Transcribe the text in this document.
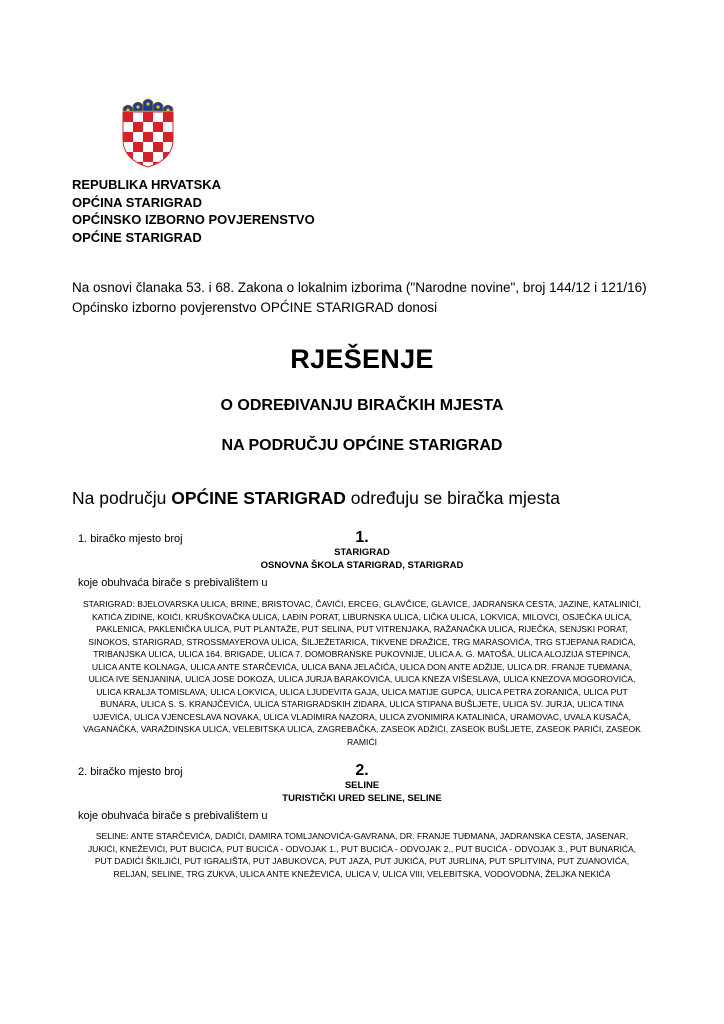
REPUBLIKA HRVATSKA
OPĆINA STARIGRAD
OPĆINSKO IZBORNO POVJERENSTVO
OPĆINE STARIGRAD
Na osnovi članaka 53. i 68. Zakona o lokalnim izborima ("Narodne novine", broj 144/12 i 121/16) Općinsko izborno povjerenstvo OPĆINE STARIGRAD donosi
RJEŠENJE
O ODREĐIVANJU BIRAČKIH MJESTA
NA PODRUČJU OPĆINE STARIGRAD
Na području OPĆINE STARIGRAD određuju se biračka mjesta
1. biračko mjesto broj	1.
STARIGRAD
OSNOVNA ŠKOLA STARIGRAD, STARIGRAD
koje obuhvaća birače s prebivalištem u
STARIGRAD: BJELOVARSKA ULICA, BRINE, BRISTOVAC, ČAVIĆI, ERCEG, GLAVČICE, GLAVICE, JADRANSKA CESTA, JAZINE, KATALINIĆI, KATIĆA ZIDINE, KOIĆI, KRUŠKOVAČKA ULICA, LAĐIN PORAT, LIBURNSKA ULICA, LIČKA ULICA, LOKVICA, MILOVCI, OSJEČKA ULICA, PAKLENICA, PAKLENIČKA ULICA, PUT PLANTAŽE, PUT SELINA, PUT VITRENJAKA, RAŽANAČKA ULICA, RIJEČKA, SENJSKI PORAT, SINOKOS, STARIGRAD, STROSSMAYEROVA ULICA, ŠILJEŽETARICA, TIKVENE DRAŽICE, TRG MARASOVIĆA, TRG STJEPANA RADIĆA, TRIBANJSKA ULICA, ULICA 164. BRIGADE, ULICA 7. DOMOBRANSKE PUKOVNIJE, ULICA A. G. MATOŠA, ULICA ALOJZIJA STEPINCA, ULICA ANTE KOLNAGA, ULICA ANTE STARČEVIĆA, ULICA BANA JELAČIĆA, ULICA DON ANTE ADŽIJE, ULICA DR. FRANJE TUĐMANA, ULICA IVE SENJANINA, ULICA JOSE DOKOZA, ULICA JURJA BARAKOVIĆA, ULICA KNEZA VIŠESLAVA, ULICA KNEZOVA MOGOROVIĆA, ULICA KRALJA TOMISLAVA, ULICA LOKVICA, ULICA LJUDEVITA GAJA, ULICA MATIJE GUPCA, ULICA PETRA ZORANIĆA, ULICA PUT BUNARA, ULICA S. S. KRANJČEVIĆA, ULICA STARIGRADSKIH ZIDARA, ULICA STIPANA BUŠLJETE, ULICA SV. JURJA, ULICA TINA UJEVIĆA, ULICA VJENCESLAVA NOVAKA, ULICA VLADIMIRA NAZORA, ULICA ZVONIMIRA KATALINIĆA, URAMOVAC, UVALA KUSAČA, VAGANAČKA, VARAŽDINSKA ULICA, VELEBITSKA ULICA, ZAGREBAČKA, ZASEOK ADŽIĆI, ZASEOK BUŠLJETE, ZASEOK PARIĆI, ZASEOK RAMIĆI
2. biračko mjesto broj	2.
SELINE
TURISTIČKI URED SELINE, SELINE
koje obuhvaća birače s prebivalištem u
SELINE: ANTE STARČEVIĆA, DADIĆI, DAMIRA TOMLJANOVIĆA-GAVRANA, DR. FRANJE TUĐMANA, JADRANSKA CESTA, JASENAR, JUKIĆI, KNEŽEVIĆI, PUT BUCIĆA, PUT BUCIĆA - ODVOJAK 1., PUT BUCIĆA - ODVOJAK 2., PUT BUCIĆA - ODVOJAK 3., PUT BUNARIĆA, PUT DADIĆI ŠKILJIĆI, PUT IGRALIŠTA, PUT JABUKOVCA, PUT JAZA, PUT JUKIĆA, PUT JURLINA, PUT SPLITVINA, PUT ZUANOVIĆA, RELJAN, SELINE, TRG ZUKVA, ULICA ANTE KNEŽEVIĆA, ULICA V, ULICA VIII, VELEBITSKA, VODOVODNA, ŽELJKA NEKIĆA
